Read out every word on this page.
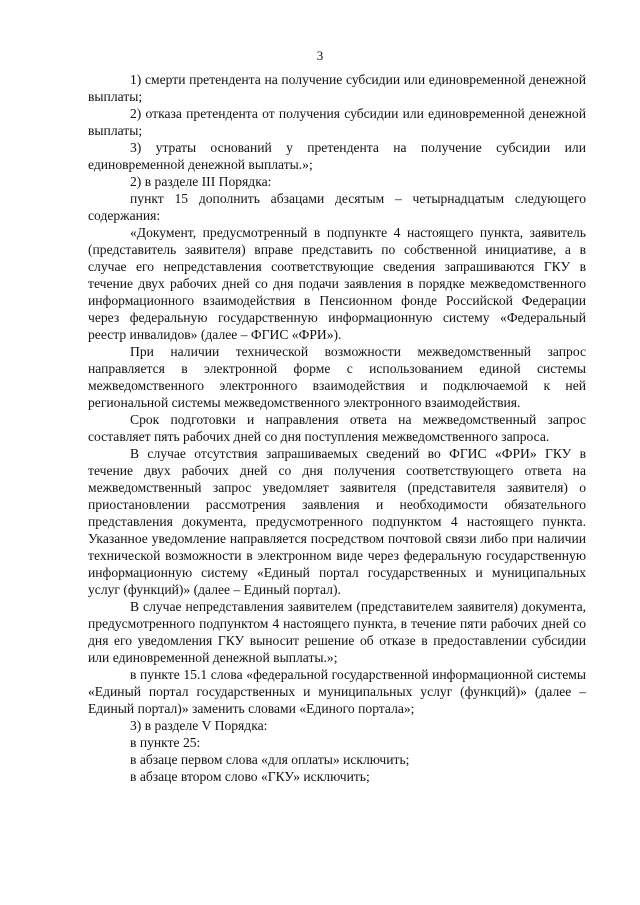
3

1) смерти претендента на получение субсидии или единовременной денежной выплаты;

2) отказа претендента от получения субсидии или единовременной денежной выплаты;

3) утраты оснований у претендента на получение субсидии или единовременной денежной выплаты.»;

2) в разделе III Порядка:

пункт 15 дополнить абзацами десятым – четырнадцатым следующего содержания:

«Документ, предусмотренный в подпункте 4 настоящего пункта, заявитель (представитель заявителя) вправе представить по собственной инициативе, а в случае его непредставления соответствующие сведения запрашиваются ГКУ в течение двух рабочих дней со дня подачи заявления в порядке межведомственного информационного взаимодействия в Пенсионном фонде Российской Федерации через федеральную государственную информационную систему «Федеральный реестр инвалидов» (далее – ФГИС «ФРИ»).

При наличии технической возможности межведомственный запрос направляется в электронной форме с использованием единой системы межведомственного электронного взаимодействия и подключаемой к ней региональной системы межведомственного электронного взаимодействия.

Срок подготовки и направления ответа на межведомственный запрос составляет пять рабочих дней со дня поступления межведомственного запроса.

В случае отсутствия запрашиваемых сведений во ФГИС «ФРИ» ГКУ в течение двух рабочих дней со дня получения соответствующего ответа на межведомственный запрос уведомляет заявителя (представителя заявителя) о приостановлении рассмотрения заявления и необходимости обязательного представления документа, предусмотренного подпунктом 4 настоящего пункта. Указанное уведомление направляется посредством почтовой связи либо при наличии технической возможности в электронном виде через федеральную государственную информационную систему «Единый портал государственных и муниципальных услуг (функций)» (далее – Единый портал).

В случае непредставления заявителем (представителем заявителя) документа, предусмотренного подпунктом 4 настоящего пункта, в течение пяти рабочих дней со дня его уведомления ГКУ выносит решение об отказе в предоставлении субсидии или единовременной денежной выплаты.»;

в пункте 15.1 слова «федеральной государственной информационной системы «Единый портал государственных и муниципальных услуг (функций)» (далее – Единый портал)» заменить словами «Единого портала»;

3) в разделе V Порядка:

в пункте 25:

в абзаце первом слова «для оплаты» исключить;

в абзаце втором слово «ГКУ» исключить;
